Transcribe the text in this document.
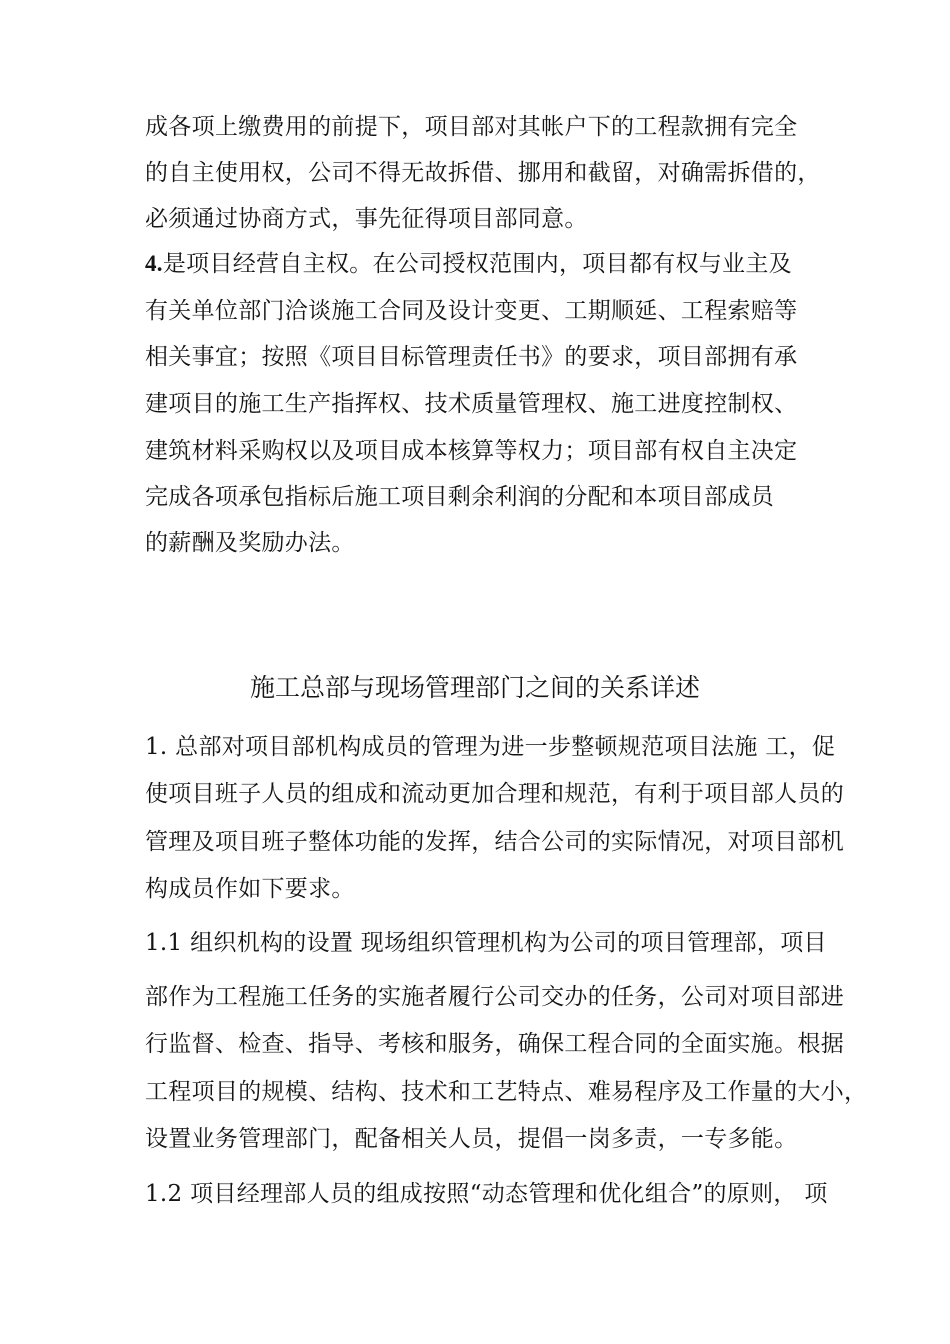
成各项上缴费用的前提下，项目部对其帐户下的工程款拥有完全
的自主使用权，公司不得无故拆借、挪用和截留，对确需拆借的，
必须通过协商方式，事先征得项目部同意。
4.是项目经营自主权。在公司授权范围内，项目都有权与业主及
有关单位部门洽谈施工合同及设计变更、工期顺延、工程索赔等
相关事宜；按照《项目目标管理责任书》的要求，项目部拥有承
建项目的施工生产指挥权、技术质量管理权、施工进度控制权、
建筑材料采购权以及项目成本核算等权力；项目部有权自主决定
完成各项承包指标后施工项目剩余利润的分配和本项目部成员
的薪酬及奖励办法。
施工总部与现场管理部门之间的关系详述
1. 总部对项目部机构成员的管理为进一步整顿规范项目法施 工，促
使项目班子人员的组成和流动更加合理和规范，有利于项目部人员的
管理及项目班子整体功能的发挥，结合公司的实际情况，对项目部机
构成员作如下要求。
1.1 组织机构的设置 现场组织管理机构为公司的项目管理部，项目
部作为工程施工任务的实施者履行公司交办的任务，公司对项目部进
行监督、检查、指导、考核和服务，确保工程合同的全面实施。根据
工程项目的规模、结构、技术和工艺特点、难易程序及工作量的大小，
设置业务管理部门，配备相关人员，提倡一岗多责，一专多能。
1.2 项目经理部人员的组成按照“动态管理和优化组合”的原则， 项
